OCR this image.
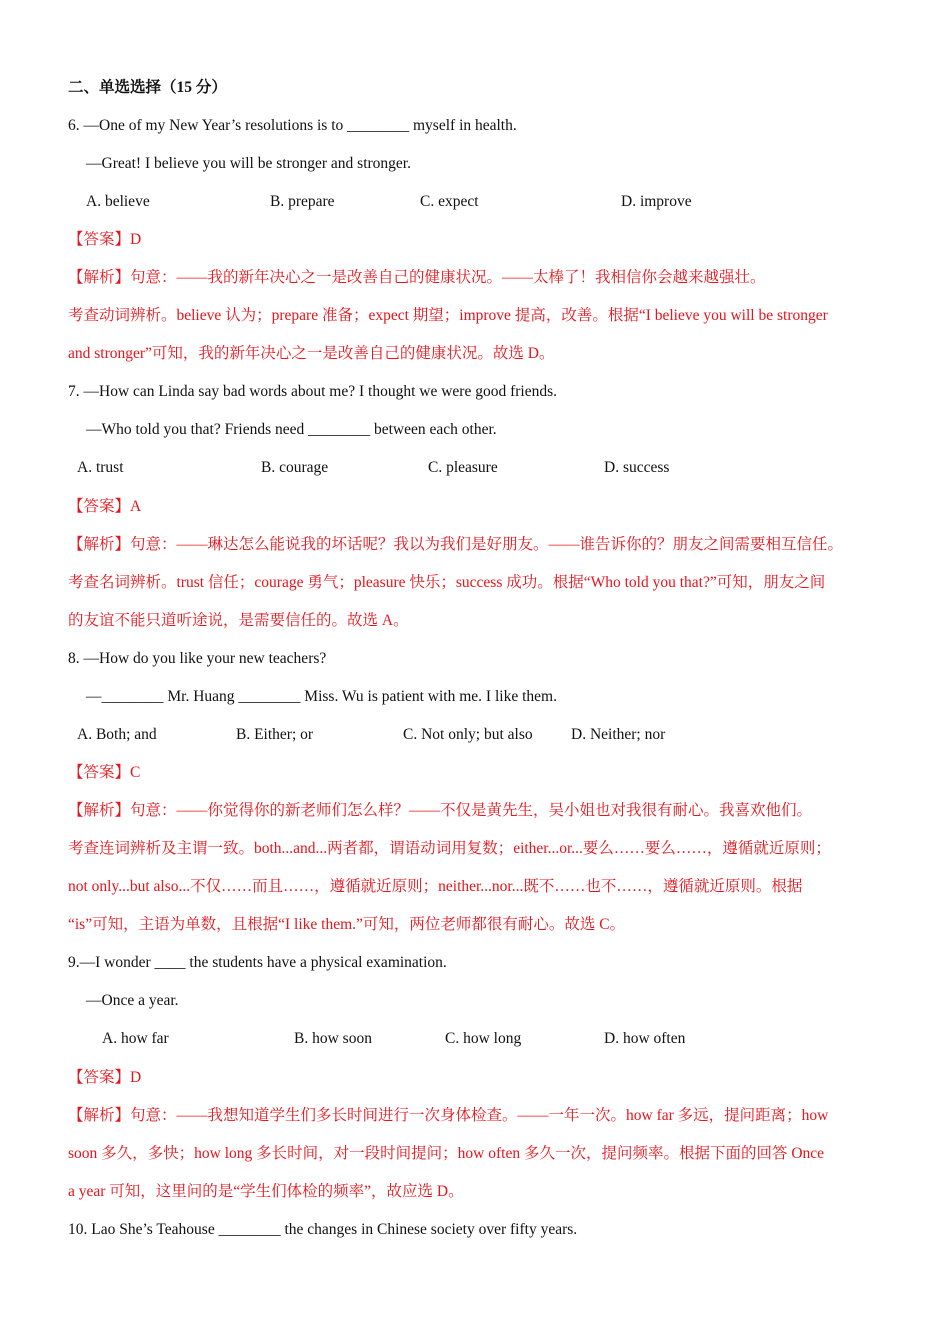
二、单选选择（15 分）
6. —One of my New Year’s resolutions is to ________ myself in health.
—Great! I believe you will be stronger and stronger.
A. believe	B. prepare	C. expect	D. improve
【答案】D
【解析】句意：——我的新年决心之一是改善自己的健康状况。——太棒了！我相信你会越来越强壮。
考查动词辨析。believe 认为；prepare 准备；expect 期望；improve 提高，改善。根据“I believe you will be stronger
and stronger”可知，我的新年决心之一是改善自己的健康状况。故选 D。
7. —How can Linda say bad words about me? I thought we were good friends.
—Who told you that? Friends need ________ between each other.
A. trust	B. courage	C. pleasure	D. success
【答案】A
【解析】句意：——琳达怎么能说我的坏话呢？我以为我们是好朋友。——谁告诉你的？朋友之间需要相互信任。
考查名词辨析。trust 信任；courage 勇气；pleasure 快乐；success 成功。根据“Who told you that?”可知，朋友之间
的友谊不能只道听途说，是需要信任的。故选 A。
8. —How do you like your new teachers?
—________ Mr. Huang ________ Miss. Wu is patient with me. I like them.
A. Both; and	B. Either; or	C. Not only; but also D. Neither; nor
【答案】C
【解析】句意：——你觉得你的新老师们怎么样？——不仅是黄先生，吴小姐也对我很有耐心。我喜欢他们。
考查连词辨析及主谓一致。both...and...两者都，谓语动词用复数；either...or...要么……要么……，遵循就近原则；
not only...but also...不仅……而且……，遵循就近原则；neither...nor...既不……也不……，遵循就近原则。根据
“is”可知，主语为单数，且根据“I like them.”可知，两位老师都很有耐心。故选 C。
9.—I wonder ____ the students have a physical examination.
—Once a year.
A. how far	B. how soon	C. how long	D. how often
【答案】D
【解析】句意：——我想知道学生们多长时间进行一次身体检查。——一年一次。how far 多远，提问距离；how
soon 多久，多快；how long 多长时间，对一段时间提问；how often 多久一次，提问频率。根据下面的回答 Once
a year 可知，这里问的是“学生们体检的频率”，故应选 D。
10. Lao She’s Teahouse ________ the changes in Chinese society over fifty years.
